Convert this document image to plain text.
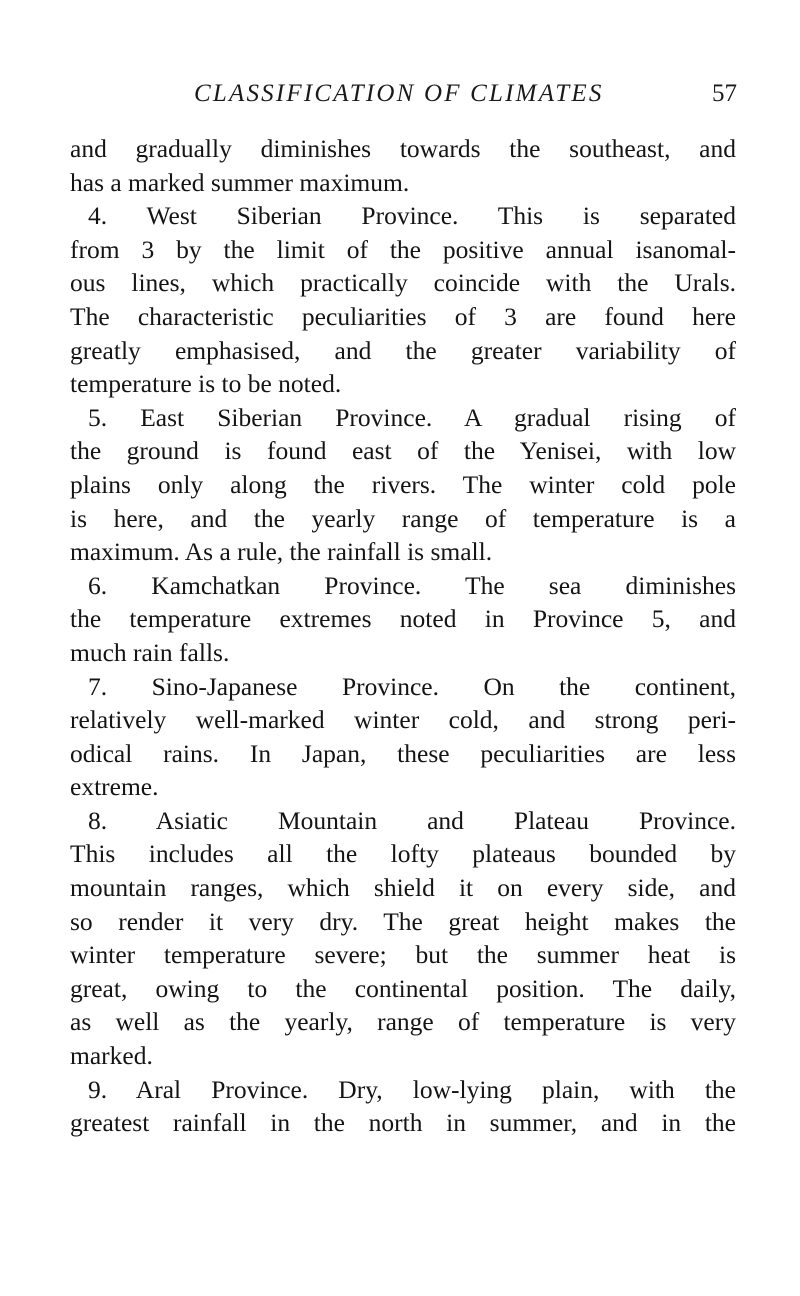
CLASSIFICATION OF CLIMATES	57
and gradually diminishes towards the southeast, and
has a marked summer maximum.
4. West Siberian Province. This is separated
from 3 by the limit of the positive annual isanomal-
ous lines, which practically coincide with the Urals.
The characteristic peculiarities of 3 are found here
greatly emphasised, and the greater variability of
temperature is to be noted.
5. East Siberian Province. A gradual rising of
the ground is found east of the Yenisei, with low
plains only along the rivers. The winter cold pole
is here, and the yearly range of temperature is a
maximum. As a rule, the rainfall is small.
6. Kamchatkan Province. The sea diminishes
the temperature extremes noted in Province 5, and
much rain falls.
7. Sino-Japanese Province. On the continent,
relatively well-marked winter cold, and strong peri-
odical rains. In Japan, these peculiarities are less
extreme.
8. Asiatic Mountain and Plateau Province.
This includes all the lofty plateaus bounded by
mountain ranges, which shield it on every side, and
so render it very dry. The great height makes the
winter temperature severe; but the summer heat is
great, owing to the continental position. The daily,
as well as the yearly, range of temperature is very
marked.
9. Aral Province. Dry, low-lying plain, with the
greatest rainfall in the north in summer, and in the
